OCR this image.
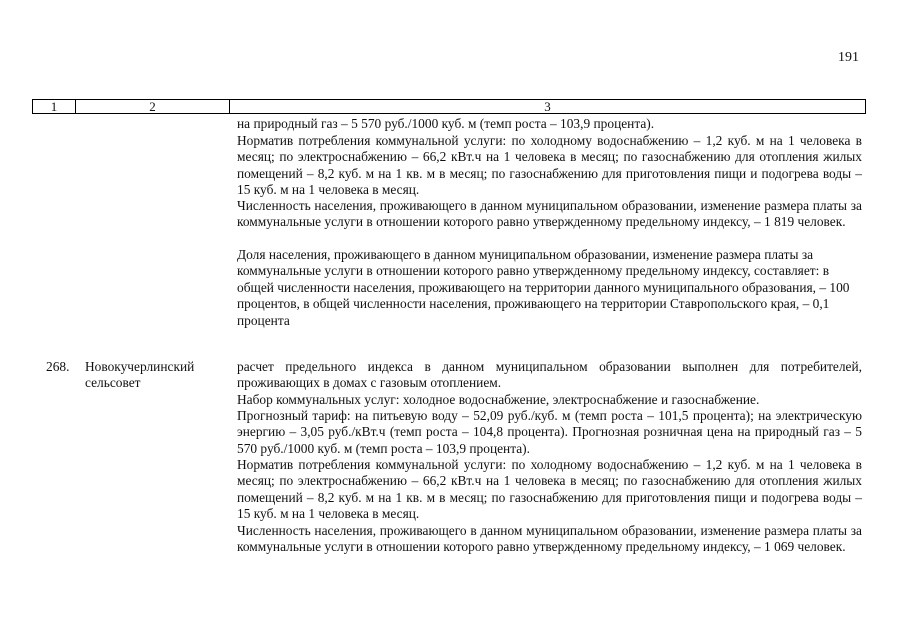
191
1	2	3

на природный газ – 5 570 руб./1000 куб. м (темп роста – 103,9 процента).

Норматив потребления коммунальной услуги: по холодному водоснабжению – 1,2 куб. м на 1 человека в месяц; по электроснабжению – 66,2 кВт.ч на 1 человека в месяц; по газоснабжению для отопления жилых помещений – 8,2 куб. м на 1 кв. м в месяц; по газоснабжению для приготовления пищи и подогрева воды – 15 куб. м на 1 человека в месяц.

Численность населения, проживающего в данном муниципальном образовании, изменение размера платы за коммунальные услуги в отношении которого равно утвержденному предельному индексу, – 1 819 человек.

Доля населения, проживающего в данном муниципальном образовании, изменение размера платы за коммунальные услуги в отношении которого равно утвержденному предельному индексу, составляет: в общей численности населения, проживающего на территории данного муниципального образования, – 100 процентов, в общей численности населения, проживающего на территории Ставропольского края, – 0,1 процента

268. Новокучерлинский
сельсовет

расчет предельного индекса в данном муниципальном образовании выполнен для потребителей, проживающих в домах с газовым отоплением.

Набор коммунальных услуг: холодное водоснабжение, электроснабжение и газоснабжение.

Прогнозный тариф: на питьевую воду – 52,09 руб./куб. м (темп роста – 101,5 процента); на электрическую энергию – 3,05 руб./кВт.ч (темп роста – 104,8 процента). Прогнозная розничная цена на природный газ – 5 570 руб./1000 куб. м (темп роста – 103,9 процента).

Норматив потребления коммунальной услуги: по холодному водоснабжению – 1,2 куб. м на 1 человека в месяц; по электроснабжению – 66,2 кВт.ч на 1 человека в месяц; по газоснабжению для отопления жилых помещений – 8,2 куб. м на 1 кв. м в месяц; по газоснабжению для приготовления пищи и подогрева воды – 15 куб. м на 1 человека в месяц.

Численность населения, проживающего в данном муниципальном образовании, изменение размера платы за коммунальные услуги в отношении которого равно утвержденному предельному индексу, – 1 069 человек.
